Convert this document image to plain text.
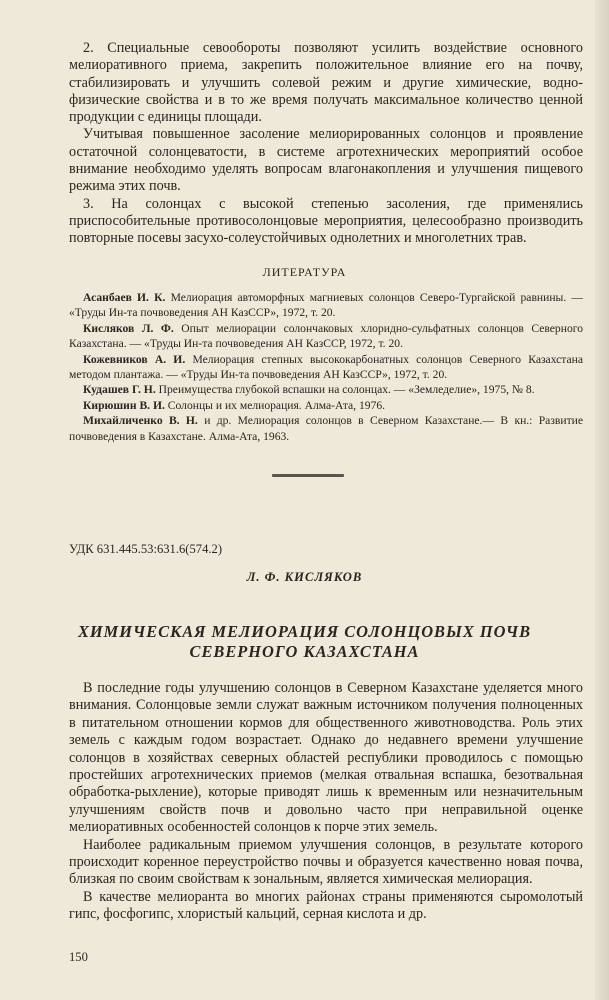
2. Специальные севообороты позволяют усилить воздействие основного мелиоративного приема, закрепить положительное влияние его на почву, стабилизировать и улучшить солевой режим и другие химические, водно-физические свойства и в то же время получать максимальное количество ценной продукции с единицы площади.

Учитывая повышенное засоление мелиорированных солонцов и проявление остаточной солонцеватости, в системе агротехнических мероприятий особое внимание необходимо уделять вопросам влагонакопления и улучшения пищевого режима этих почв.

3. На солонцах с высокой степенью засоления, где применялись приспособительные противосолонцовые мероприятия, целесообразно производить повторные посевы засухо-солеустойчивых однолетних и многолетних трав.

ЛИТЕРАТУРА

Асанбаев И. К. Мелиорация автоморфных магниевых солонцов Северо-Тургайской равнины. — «Труды Ин-та почвоведения АН КазССР», 1972, т. 20.

Кисляков Л. Ф. Опыт мелиорации солончаковых хлоридно-сульфатных солонцов Северного Казахстана. — «Труды Ин-та почвоведения АН КазССР, 1972, т. 20.

Кожевников А. И. Мелиорация степных высококарбонатных солонцов Северного Казахстана методом плантажа. — «Труды Ин-та почвоведения АН КазССР», 1972, т. 20.

Кудашев Г. Н. Преимущества глубокой вспашки на солонцах. — «Земледелие», 1975, № 8.

Кирюшин В. И. Солонцы и их мелиорация. Алма-Ата, 1976.

Михайличенко В. Н. и др. Мелиорация солонцов в Северном Казахстане.— В кн.: Развитие почвоведения в Казахстане. Алма-Ата, 1963.

УДК 631.445.53:631.6(574.2)
Л. Ф. КИСЛЯКОВ
ХИМИЧЕСКАЯ МЕЛИОРАЦИЯ СОЛОНЦОВЫХ ПОЧВ
СЕВЕРНОГО КАЗАХСТАНА

В последние годы улучшению солонцов в Северном Казахстане уделяется много внимания. Солонцовые земли служат важным источником получения полноценных в питательном отношении кормов для общественного животноводства. Роль этих земель с каждым годом возрастает. Однако до недавнего времени улучшение солонцов в хозяйствах северных областей республики проводилось с помощью простейших агротехнических приемов (мелкая отвальная вспашка, безотвальная обработка-рыхление), которые приводят лишь к временным или незначительным улучшениям свойств почв и довольно часто при неправильной оценке мелиоративных особенностей солонцов к порче этих земель.

Наиболее радикальным приемом улучшения солонцов, в результате которого происходит коренное переустройство почвы и образуется качественно новая почва, близкая по своим свойствам к зональным, является химическая мелиорация.

В качестве мелиоранта во многих районах страны применяются сыромолотый гипс, фосфогипс, хлористый кальций, серная кислота и др.

150
